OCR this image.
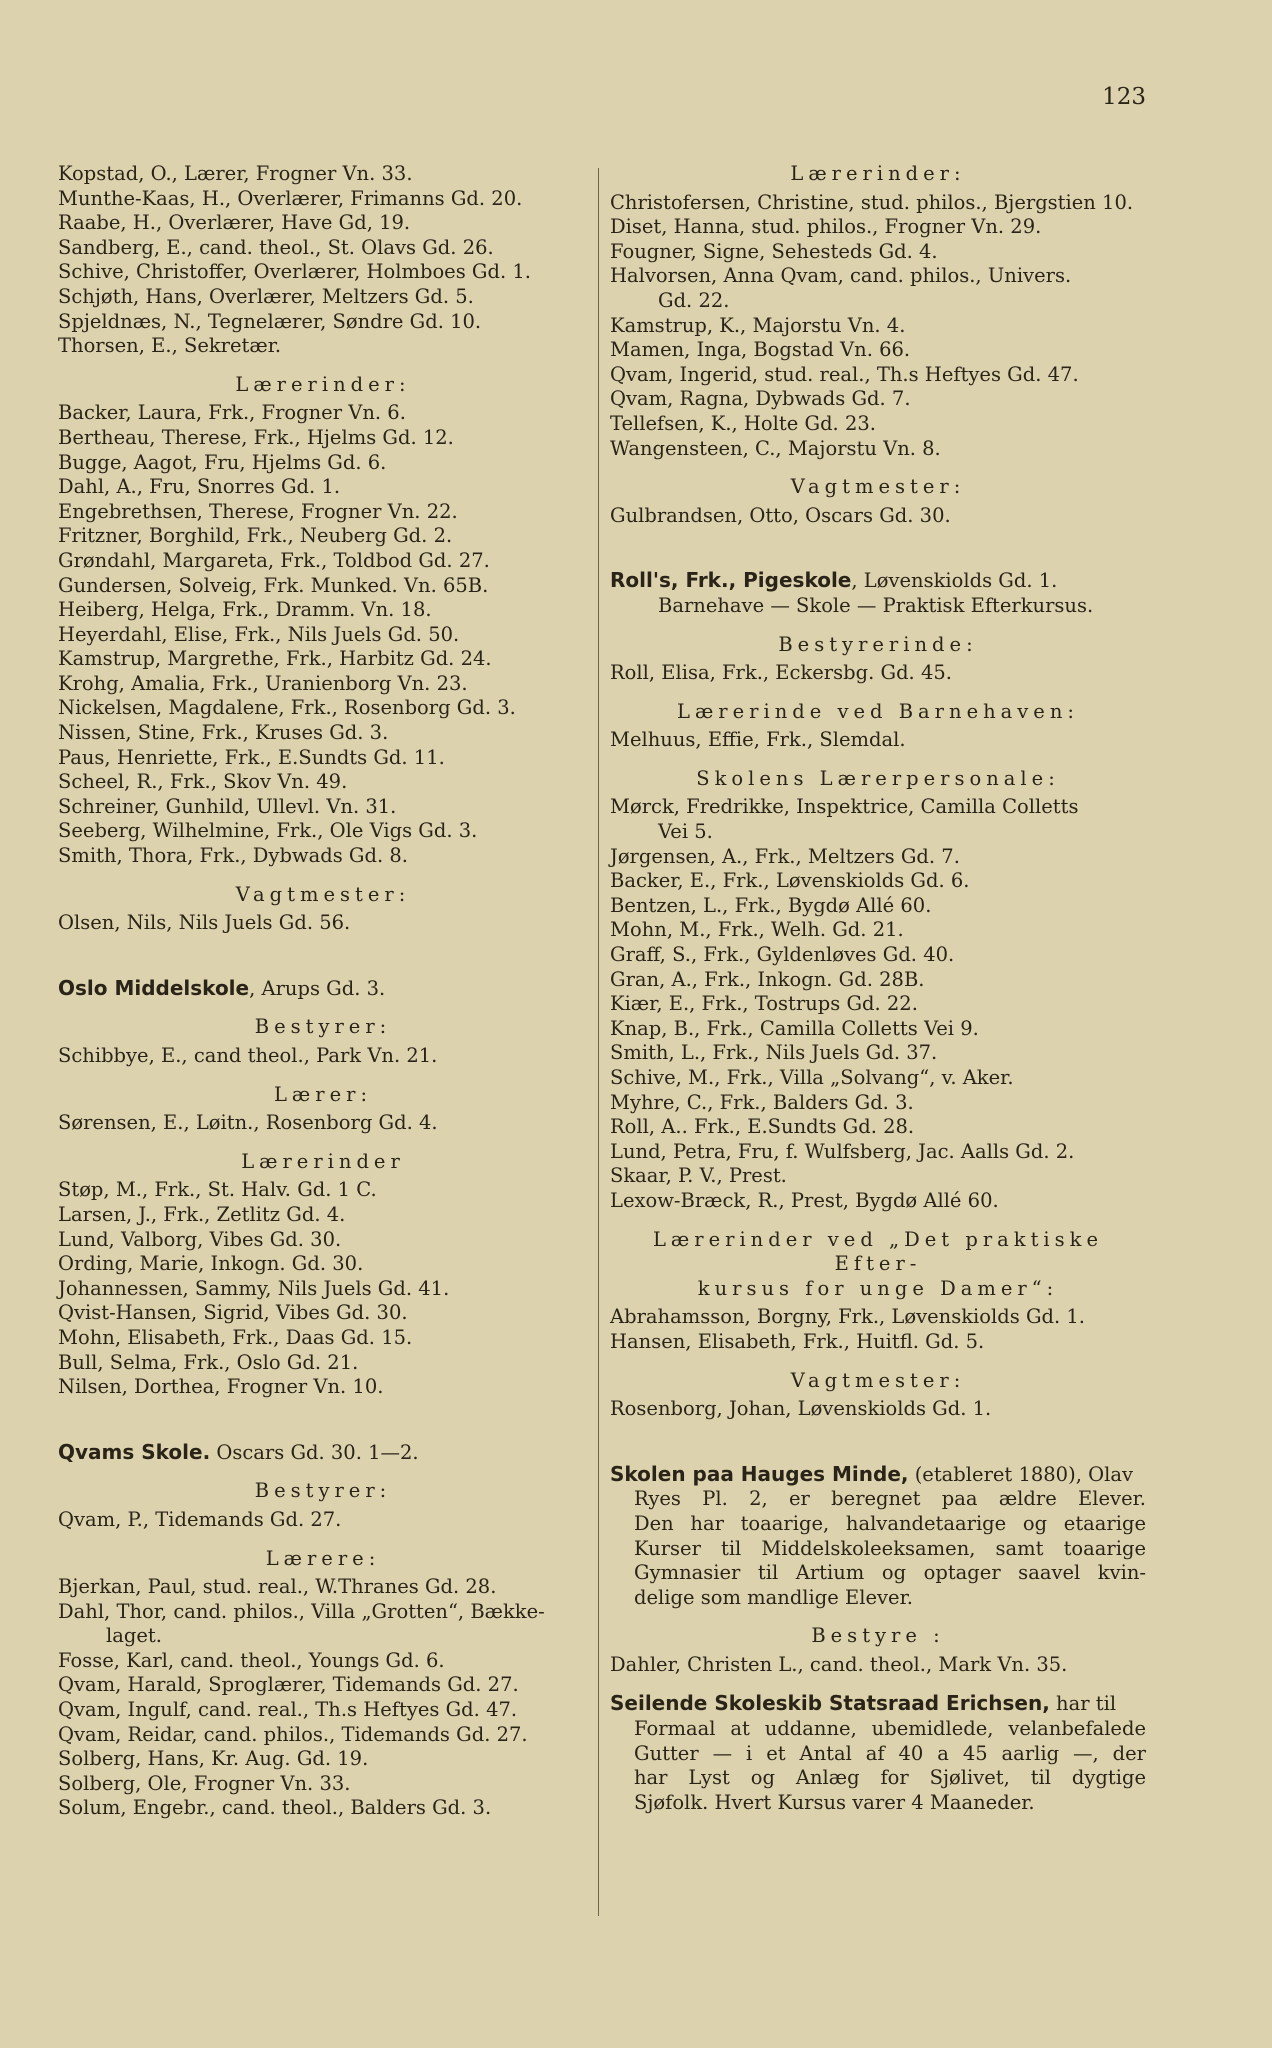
123
Kopstad, O., Lærer, Frogner Vn. 33.
Munthe-Kaas, H., Overlærer, Frimanns Gd. 20.
Raabe, H., Overlærer, Have Gd, 19.
Sandberg, E., cand. theol., St. Olavs Gd. 26.
Schive, Christoffer, Overlærer, Holmboes Gd. 1.
Schjøth, Hans, Overlærer, Meltzers Gd. 5.
Spjeldnæs, N., Tegnelærer, Søndre Gd. 10.
Thorsen, E., Sekretær.
Lærerinder:
Backer, Laura, Frk., Frogner Vn. 6.
Bertheau, Therese, Frk., Hjelms Gd. 12.
Bugge, Aagot, Fru, Hjelms Gd. 6.
Dahl, A., Fru, Snorres Gd. 1.
Engebrethsen, Therese, Frogner Vn. 22.
Fritzner, Borghild, Frk., Neuberg Gd. 2.
Grøndahl, Margareta, Frk., Toldbod Gd. 27.
Gundersen, Solveig, Frk. Munked. Vn. 65B.
Heiberg, Helga, Frk., Dramm. Vn. 18.
Heyerdahl, Elise, Frk., Nils Juels Gd. 50.
Kamstrup, Margrethe, Frk., Harbitz Gd. 24.
Krohg, Amalia, Frk., Uranienborg Vn. 23.
Nickelsen, Magdalene, Frk., Rosenborg Gd. 3.
Nissen, Stine, Frk., Kruses Gd. 3.
Paus, Henriette, Frk., E.Sundts Gd. 11.
Scheel, R., Frk., Skov Vn. 49.
Schreiner, Gunhild, Ullevl. Vn. 31.
Seeberg, Wilhelmine, Frk., Ole Vigs Gd. 3.
Smith, Thora, Frk., Dybwads Gd. 8.
Vagtmester:
Olsen, Nils, Nils Juels Gd. 56.
Oslo Middelskole, Arups Gd. 3.
Bestyrer:
Schibbye, E., cand theol., Park Vn. 21.
Lærer:
Sørensen, E., Løitn., Rosenborg Gd. 4.
Lærerinder
Støp, M., Frk., St. Halv. Gd. 1 C.
Larsen, J., Frk., Zetlitz Gd. 4.
Lund, Valborg, Vibes Gd. 30.
Ording, Marie, Inkogn. Gd. 30.
Johannessen, Sammy, Nils Juels Gd. 41.
Qvist-Hansen, Sigrid, Vibes Gd. 30.
Mohn, Elisabeth, Frk., Daas Gd. 15.
Bull, Selma, Frk., Oslo Gd. 21.
Nilsen, Dorthea, Frogner Vn. 10.
Qvams Skole. Oscars Gd. 30. 1—2.
Bestyrer:
Qvam, P., Tidemands Gd. 27.
Lærere:
Bjerkan, Paul, stud. real., W.Thranes Gd. 28.
Dahl, Thor, cand. philos., Villa „Grotten“, Bække-
laget.
Fosse, Karl, cand. theol., Youngs Gd. 6.
Qvam, Harald, Sproglærer, Tidemands Gd. 27.
Qvam, Ingulf, cand. real., Th.s Heftyes Gd. 47.
Qvam, Reidar, cand. philos., Tidemands Gd. 27.
Solberg, Hans, Kr. Aug. Gd. 19.
Solberg, Ole, Frogner Vn. 33.
Solum, Engebr., cand. theol., Balders Gd. 3.
Lærerinder:
Christofersen, Christine, stud. philos., Bjergstien 10.
Diset, Hanna, stud. philos., Frogner Vn. 29.
Fougner, Signe, Sehesteds Gd. 4.
Halvorsen, Anna Qvam, cand. philos., Univers.
Gd. 22.
Kamstrup, K., Majorstu Vn. 4.
Mamen, Inga, Bogstad Vn. 66.
Qvam, Ingerid, stud. real., Th.s Heftyes Gd. 47.
Qvam, Ragna, Dybwads Gd. 7.
Tellefsen, K., Holte Gd. 23.
Wangensteen, C., Majorstu Vn. 8.
Vagtmester:
Gulbrandsen, Otto, Oscars Gd. 30.
Roll's, Frk., Pigeskole, Løvenskiolds Gd. 1.
Barnehave — Skole — Praktisk Efterkursus.
Bestyrerinde:
Roll, Elisa, Frk., Eckersbg. Gd. 45.
Lærerinde ved Barnehaven:
Melhuus, Effie, Frk., Slemdal.
Skolens Lærerpersonale:
Mørck, Fredrikke, Inspektrice, Camilla Colletts
Vei 5.
Jørgensen, A., Frk., Meltzers Gd. 7.
Backer, E., Frk., Løvenskiolds Gd. 6.
Bentzen, L., Frk., Bygdø Allé 60.
Mohn, M., Frk., Welh. Gd. 21.
Graff, S., Frk., Gyldenløves Gd. 40.
Gran, A., Frk., Inkogn. Gd. 28B.
Kiær, E., Frk., Tostrups Gd. 22.
Knap, B., Frk., Camilla Colletts Vei 9.
Smith, L., Frk., Nils Juels Gd. 37.
Schive, M., Frk., Villa „Solvang“, v. Aker.
Myhre, C., Frk., Balders Gd. 3.
Roll, A.. Frk., E.Sundts Gd. 28.
Lund, Petra, Fru, f. Wulfsberg, Jac. Aalls Gd. 2.
Skaar, P. V., Prest.
Lexow-Bræck, R., Prest, Bygdø Allé 60.
Lærerinder ved „Det praktiske Efter-
kursus for unge Damer“:
Abrahamsson, Borgny, Frk., Løvenskiolds Gd. 1.
Hansen, Elisabeth, Frk., Huitfl. Gd. 5.
Vagtmester:
Rosenborg, Johan, Løvenskiolds Gd. 1.
Skolen paa Hauges Minde, (etableret 1880), Olav
Ryes Pl. 2, er beregnet paa ældre Elever.
Den har toaarige, halvandetaarige og etaarige
Kurser til Middelskoleeksamen, samt toaarige
Gymnasier til Artium og optager saavel kvin-
delige som mandlige Elever.
Bestyre :
Dahler, Christen L., cand. theol., Mark Vn. 35.
Seilende Skoleskib Statsraad Erichsen, har til
Formaal at uddanne, ubemidlede, velanbefalede
Gutter — i et Antal af 40 a 45 aarlig —, der
har Lyst og Anlæg for Sjølivet, til dygtige
Sjøfolk. Hvert Kursus varer 4 Maaneder.
